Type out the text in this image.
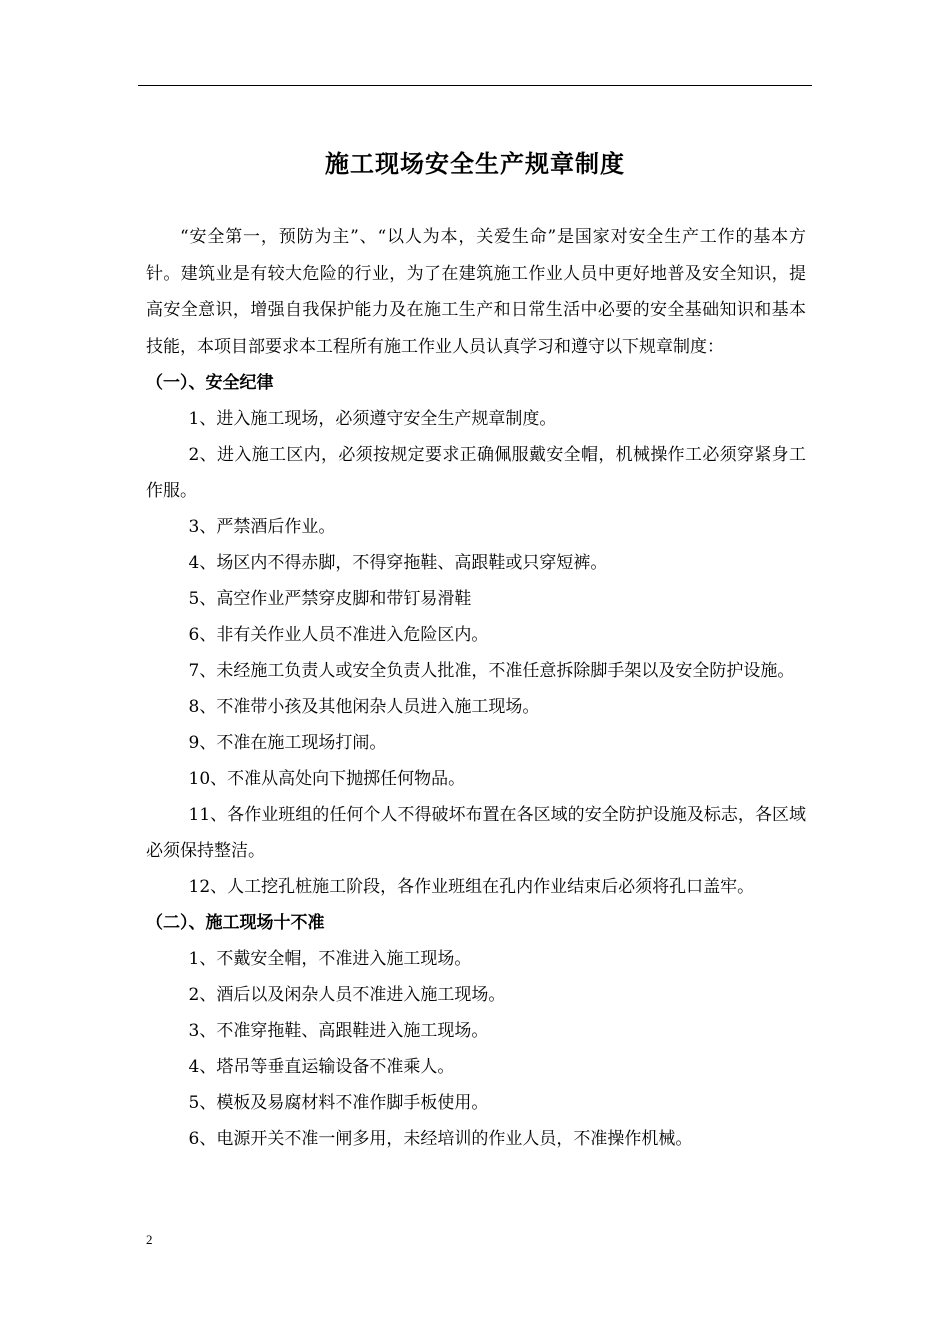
施工现场安全生产规章制度

“安全第一，预防为主”、“以人为本，关爱生命”是国家对安全生产工作的基本方针。建筑业是有较大危险的行业，为了在建筑施工作业人员中更好地普及安全知识，提高安全意识，增强自我保护能力及在施工生产和日常生活中必要的安全基础知识和基本技能，本项目部要求本工程所有施工作业人员认真学习和遵守以下规章制度：

（一）、安全纪律

1、进入施工现场，必须遵守安全生产规章制度。

2、进入施工区内，必须按规定要求正确佩服戴安全帽，机械操作工必须穿紧身工作服。

3、严禁酒后作业。

4、场区内不得赤脚，不得穿拖鞋、高跟鞋或只穿短裤。

5、高空作业严禁穿皮脚和带钉易滑鞋

6、非有关作业人员不准进入危险区内。

7、未经施工负责人或安全负责人批准，不准任意拆除脚手架以及安全防护设施。

8、不准带小孩及其他闲杂人员进入施工现场。

9、不准在施工现场打闹。

10、不准从高处向下抛掷任何物品。

11、各作业班组的任何个人不得破坏布置在各区域的安全防护设施及标志，各区域必须保持整洁。

12、人工挖孔桩施工阶段，各作业班组在孔内作业结束后必须将孔口盖牢。

（二）、施工现场十不准

1、不戴安全帽，不准进入施工现场。

2、酒后以及闲杂人员不准进入施工现场。

3、不准穿拖鞋、高跟鞋进入施工现场。

4、塔吊等垂直运输设备不准乘人。

5、模板及易腐材料不准作脚手板使用。

6、电源开关不准一闸多用，未经培训的作业人员，不准操作机械。

2
